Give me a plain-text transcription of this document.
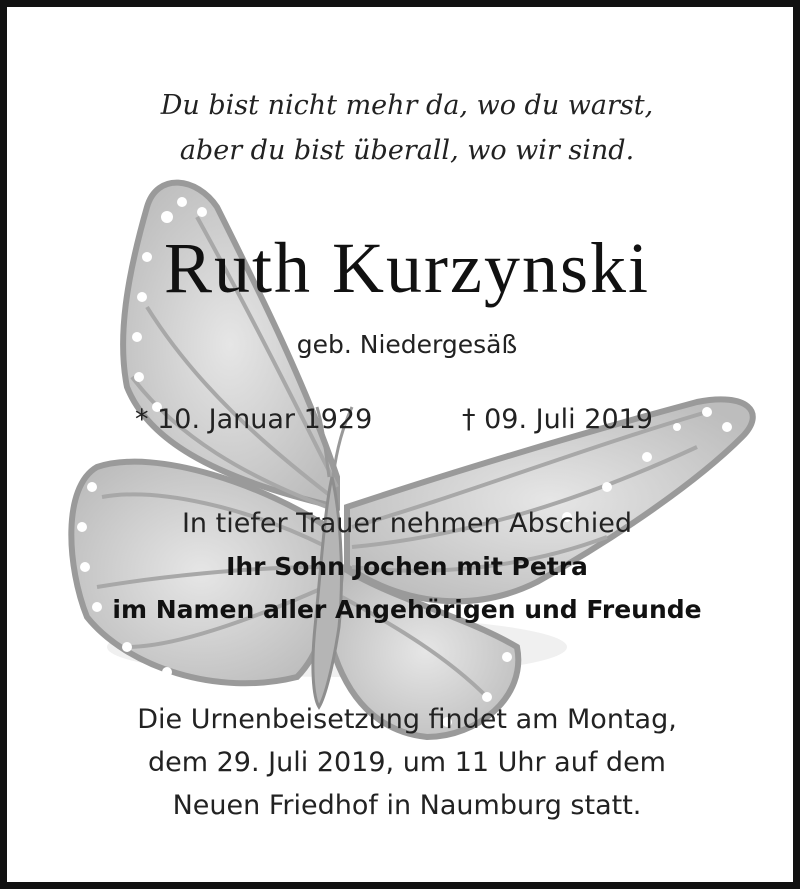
Du bist nicht mehr da, wo du warst,
aber du bist überall, wo wir sind.
Ruth Kurzynski
geb. Niedergesäß
* 10. Januar 1929	† 09. Juli 2019
In tiefer Trauer nehmen Abschied
Ihr Sohn Jochen mit Petra
im Namen aller Angehörigen und Freunde
Die Urnenbeisetzung findet am Montag,
dem 29. Juli 2019, um 11 Uhr auf dem
Neuen Friedhof in Naumburg statt.
